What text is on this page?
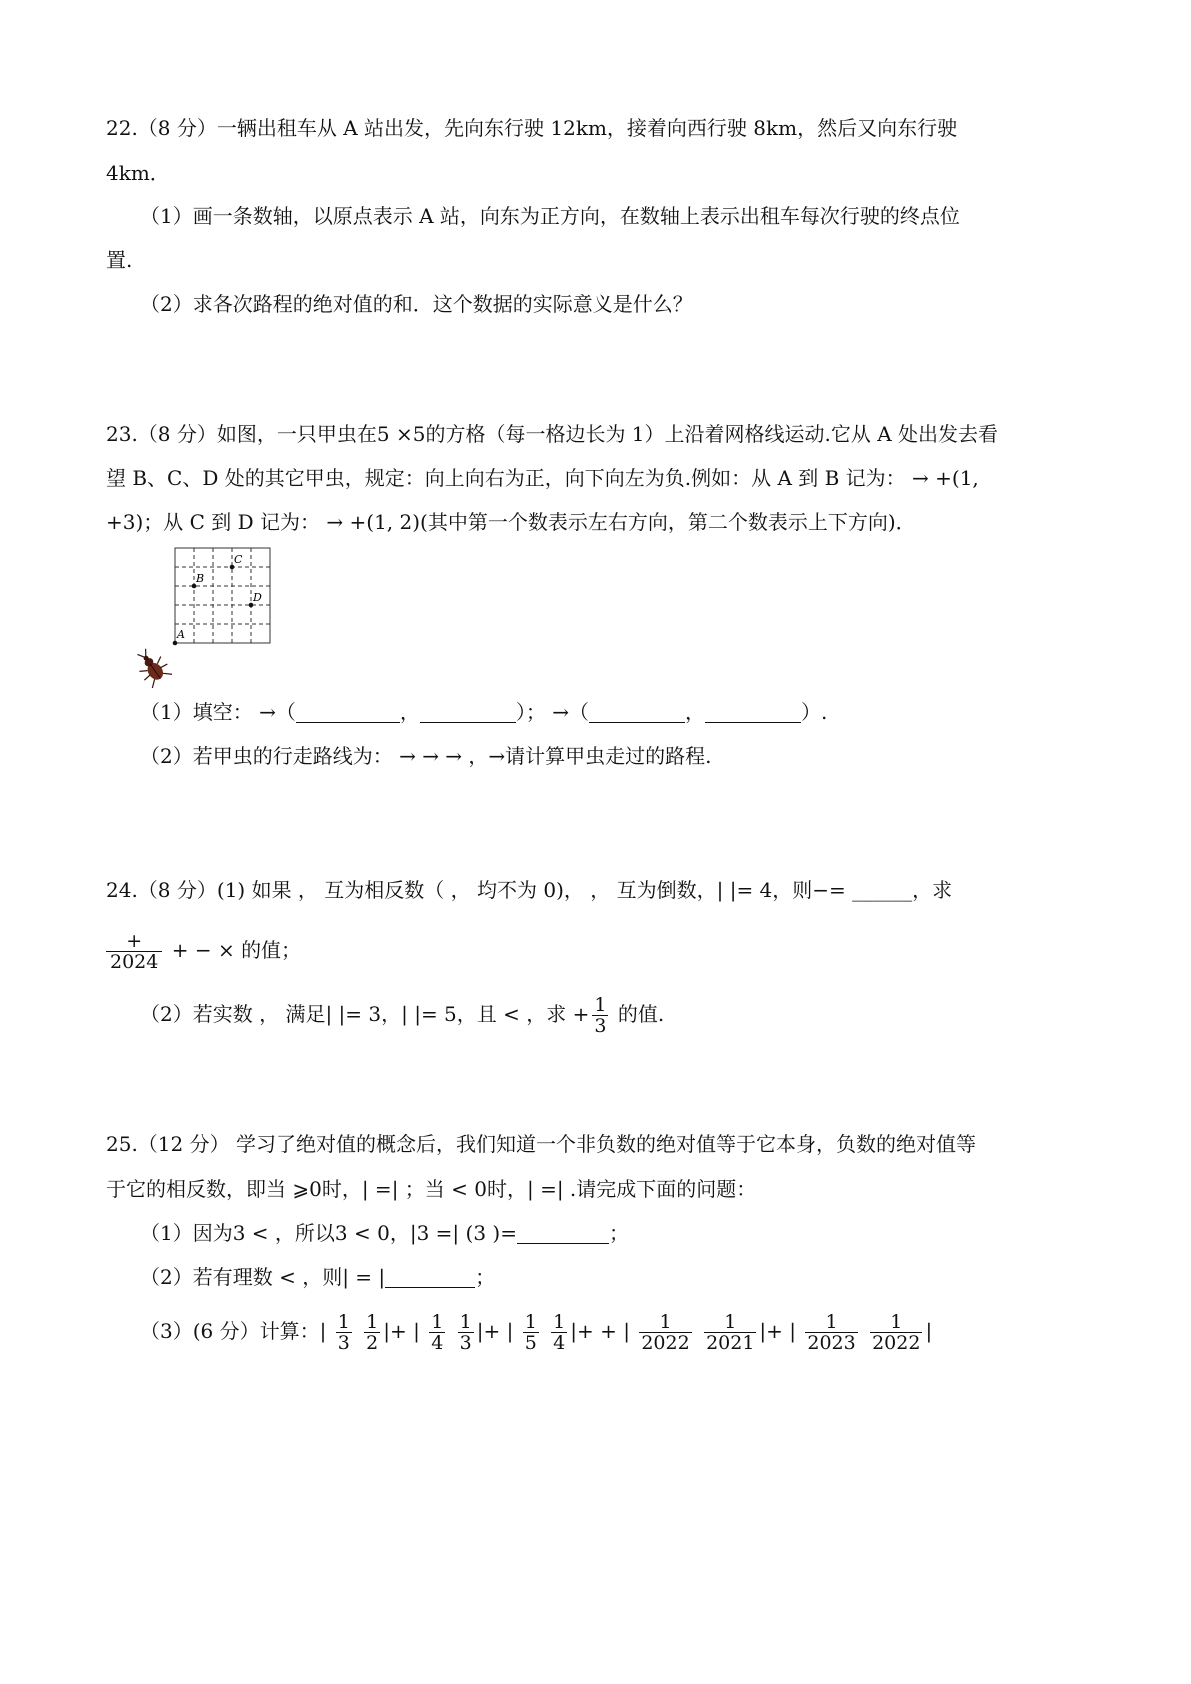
22.（8 分）一辆出租车从 A 站出发，先向东行驶 12km，接着向西行驶 8km，然后又向东行驶
4km．
（1）画一条数轴，以原点表示 A 站，向东为正方向，在数轴上表示出租车每次行驶的终点位
置.
（2）求各次路程的绝对值的和．这个数据的实际意义是什么？
23.（8 分）如图，一只甲虫在5 ×5的方格（每一格边长为 1）上沿着网格线运动.它从 A 处出发去看
望 B、C、D 处的其它甲虫，规定：向上向右为正，向下向左为负.例如：从 A 到 B 记为： → +(1,
+3)；从 C 到 D 记为： → +(1, 2)(其中第一个数表示左右方向，第二个数表示上下方向)．
A
B
C
D
（1）填空： →（	，	）； →（	，	）.
（2）若甲虫的行走路线为： → → → ，→请计算甲虫走过的路程.
24.（8 分）(1) 如果 ， 互为相反数（ ， 均不为 0)， ， 互为倒数，| |= 4，则−= ______，求
$\frac{+}{2024}$ + − × 的值；
（2）若实数 ， 满足| |= 3，| |= 5，且 < ，求 + $\frac{1}{3}$ 的值.
25.（12 分） 学习了绝对值的概念后，我们知道一个非负数的绝对值等于它本身，负数的绝对值等
于它的相反数，即当 ⩾0时，| =| ；当 < 0时，| =| .请完成下面的问题：
（1）因为3 < ，所以3 < 0，|3 =| (3 )=	；
（2）若有理数 < ，则| = |	；
（3）(6 分）计算：| $\frac{1}{3}$
$\frac{1}{2}$ |+ | $\frac{1}{4}$
$\frac{1}{3}$ |+ | $\frac{1}{5}$
$\frac{1}{4}$ |+ + | $\frac{1}{2022}$
$\frac{1}{2021}$ |+ | $\frac{1}{2023}$
$\frac{1}{2022}$ |
